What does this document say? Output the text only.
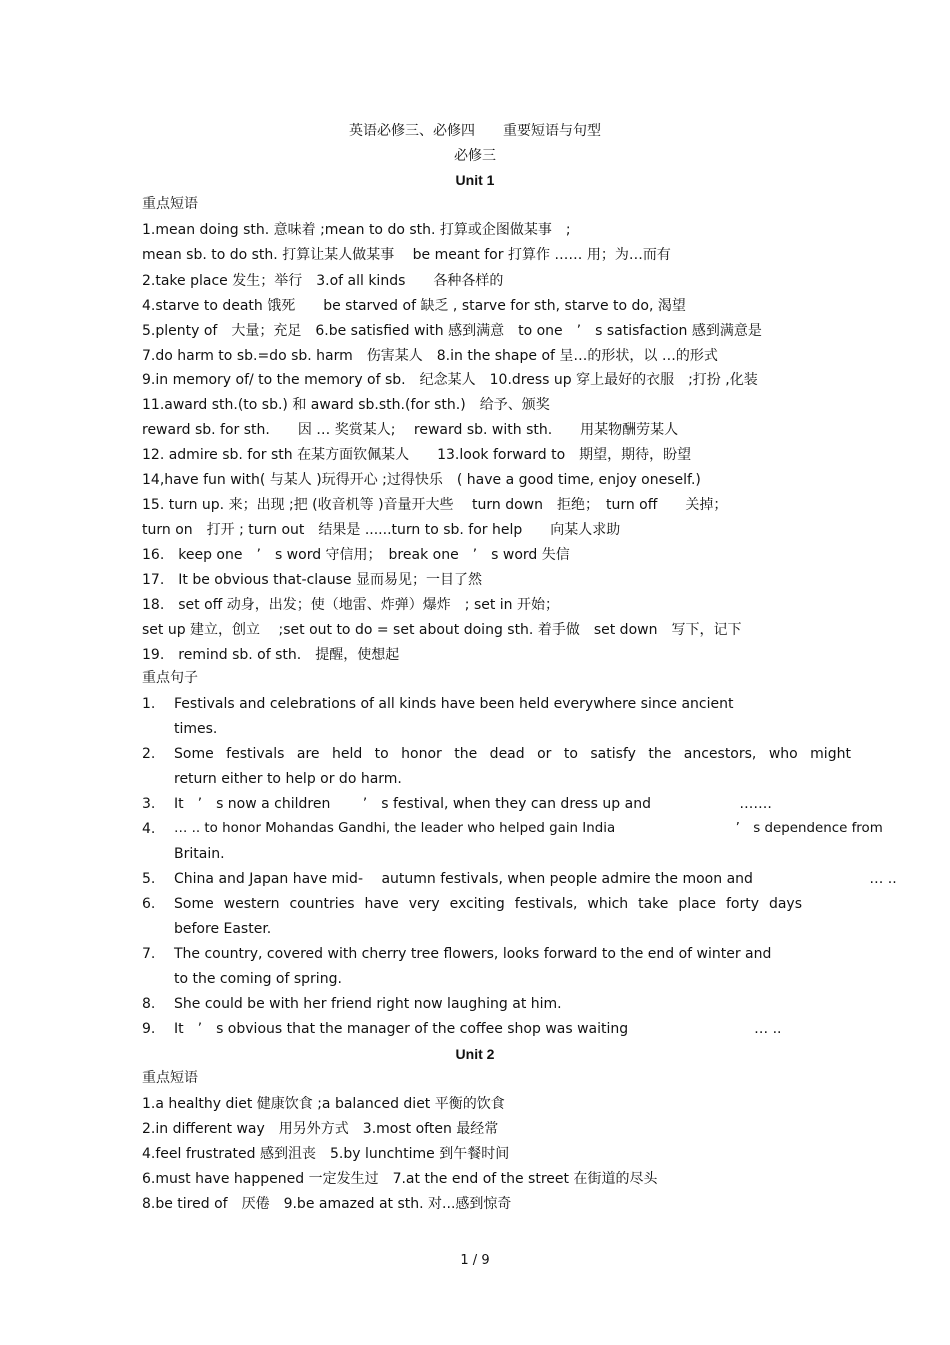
英语必修三、必修四　　重要短语与句型
必修三
Unit 1
重点短语
1.mean doing sth. 意味着 ;mean to do sth. 打算或企图做某事　;
mean sb. to do sth. 打算让某人做某事　 be meant for 打算作 …… 用；为…而有
2.take place 发生；举行　3.of all kinds　　各种各样的
4.starve to death 饿死　　be starved of 缺乏 , starve for sth, starve to do, 渴望
5.plenty of　大量；充足　6.be satisfied with 感到满意　to one　’　s satisfaction 感到满意是
7.do harm to sb.=do sb. harm　伤害某人　8.in the shape of 呈…的形状，以 …的形式
9.in memory of/ to the memory of sb.　纪念某人　10.dress up 穿上最好的衣服　;打扮 ,化装
11.award sth.(to sb.) 和 award sb.sth.(for sth.)　给予、颁奖
reward sb. for sth.　　因 … 奖赏某人;　 reward sb. with sth.　　用某物酬劳某人
12. admire sb. for sth 在某方面钦佩某人　　13.look forward to　期望，期待，盼望
14,have fun with( 与某人 )玩得开心 ;过得快乐　( have a good time, enjoy oneself.)
15. turn up. 来；出现 ;把 (收音机等 )音量开大些　 turn down　拒绝；　turn off　　关掉；
turn on　打开 ; turn out　结果是 ......turn to sb. for help　　向某人求助
16.　keep one　’　s word 守信用；　break one　’　s word 失信
17.　It be obvious that-clause 显而易见；一目了然
18.　set off 动身，出发；使（地雷、炸弹）爆炸　; set in 开始；
set up 建立，创立　 ;set out to do = set about doing sth. 着手做　set down　写下，记下
19.　remind sb. of sth.　提醒，使想起
重点句子
1. Festivals and celebrations of all kinds have been held everywhere since ancient
times.
2. Some festivals are held to honor the dead or to satisfy the ancestors, who might
return either to help or do harm.
3. It　’　s now a children　　 ’　s festival, when they can dress up and　　　　　　 …….
4. … .. to honor Mohandas Gandhi, the leader who helped gain India　　　　　　　　　’　s dependence from
Britain.
5. China and Japan have mid-　 autumn festivals, when people admire the moon and　　　　　　　　 … ..
6. Some western countries have very exciting festivals, which take place forty days
before Easter.
7. The country, covered with cherry tree flowers, looks forward to the end of winter and
to the coming of spring.
8. She could be with her friend right now laughing at him.
9. It　’　s obvious that the manager of the coffee shop was waiting　　　　　　　　　… ..
Unit 2
重点短语
1.a healthy diet 健康饮食 ;a balanced diet 平衡的饮食
2.in different way　用另外方式　3.most often 最经常
4.feel frustrated 感到沮丧　5.by lunchtime 到午餐时间
6.must have happened 一定发生过　7.at the end of the street 在街道的尽头
8.be tired of　厌倦　9.be amazed at sth. 对...感到惊奇
1 / 9
